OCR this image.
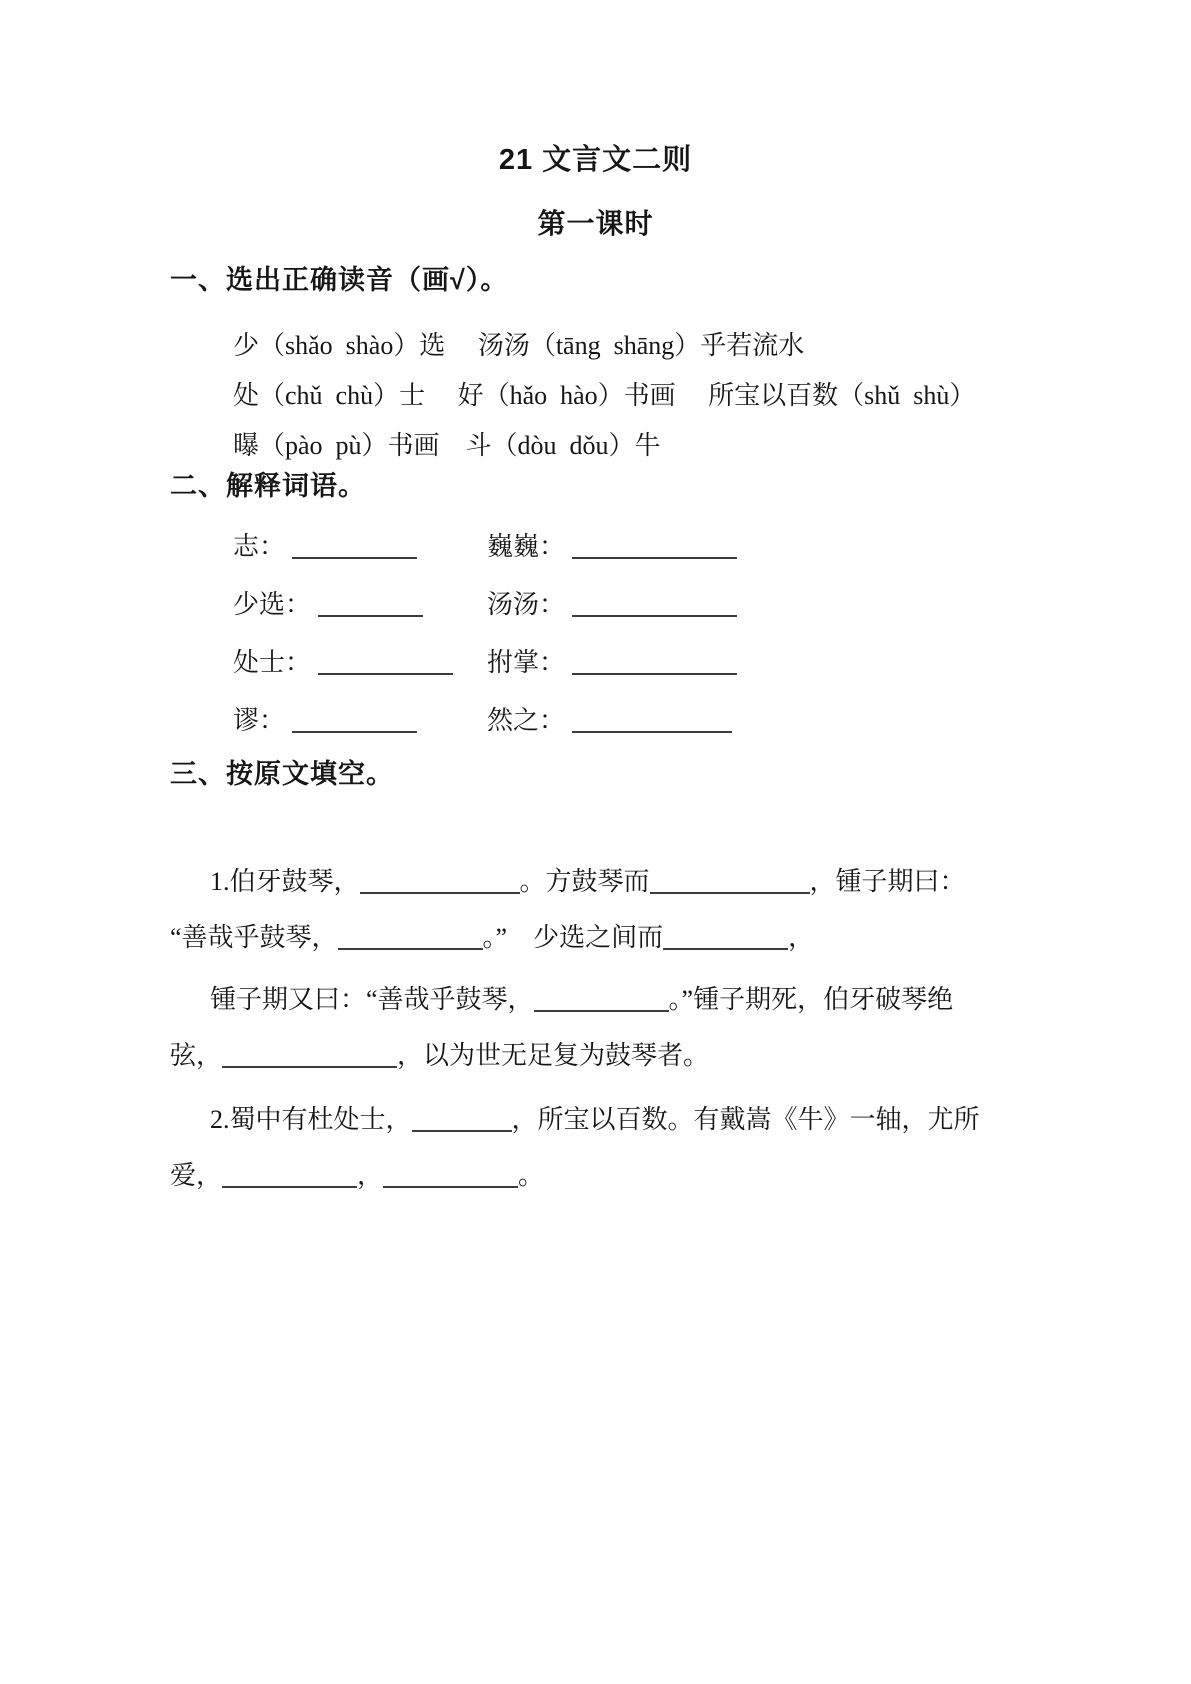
21 文言文二则
第一课时
一、选出正确读音（画√）。
少（shǎo  shào）选　 汤汤（tāng  shāng）乎若流水
处（chǔ  chù）士　 好（hǎo  hào）书画　 所宝以百数（shǔ  shù）
曝（pào  pù）书画　斗（dòu  dǒu）牛
二、解释词语。
志：	巍巍：
少选：	汤汤：
处士：	拊掌：
谬：	然之：
三、按原文填空。
1.伯牙鼓琴，	。方鼓琴而	，锺子期曰：
“善哉乎鼓琴，	。”　少选之间而	，
锺子期又曰：“善哉乎鼓琴，	。”锺子期死，伯牙破琴绝
弦，	，以为世无足复为鼓琴者。
2.蜀中有杜处士，	，所宝以百数。有戴嵩《牛》一轴，尤所
爱，	，	。
